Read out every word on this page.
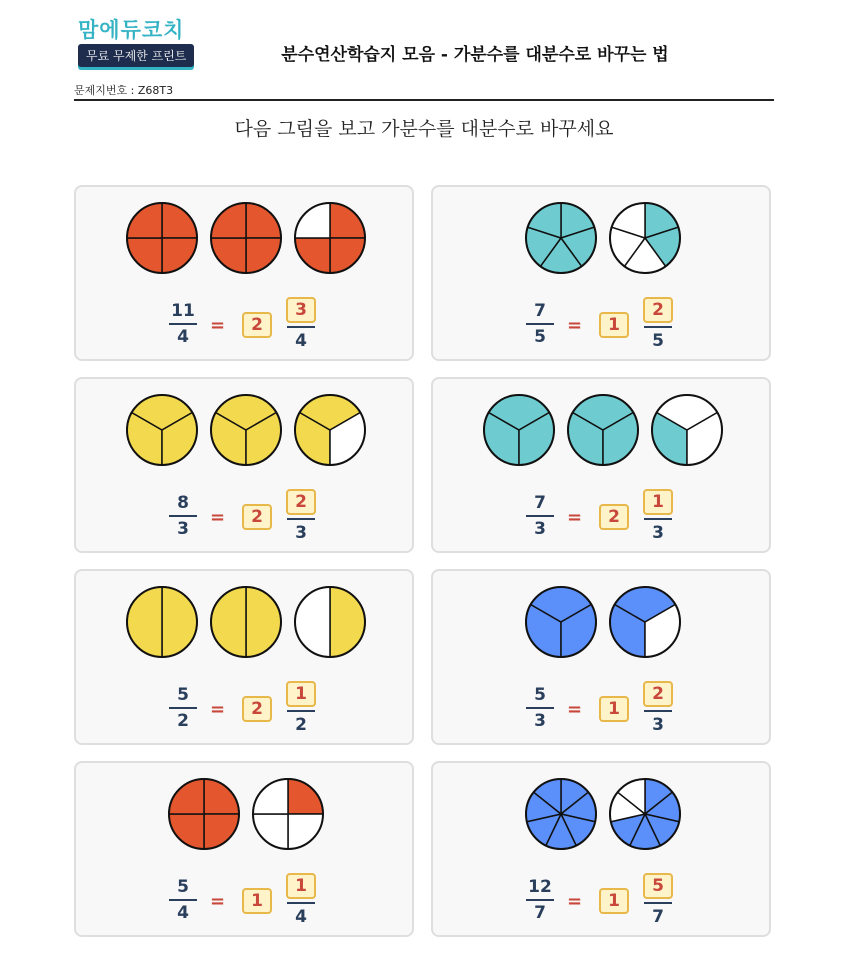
맘에듀코치
무료 무제한 프린트
문제지번호 : Z68T3
분수연산학습지 모음 - 가분수를 대분수로 바꾸는 법
다음 그림을 보고 가분수를 대분수로 바꾸세요
11
4
=	2
3
4
7
5
=	1
2
5
8
3
=	2
2
3
7
3
=	2
1
3
5
2
=	2
1
2
5
3
=	1
2
3
5
4
=	1
1
4
12
7
=	1
5
7
